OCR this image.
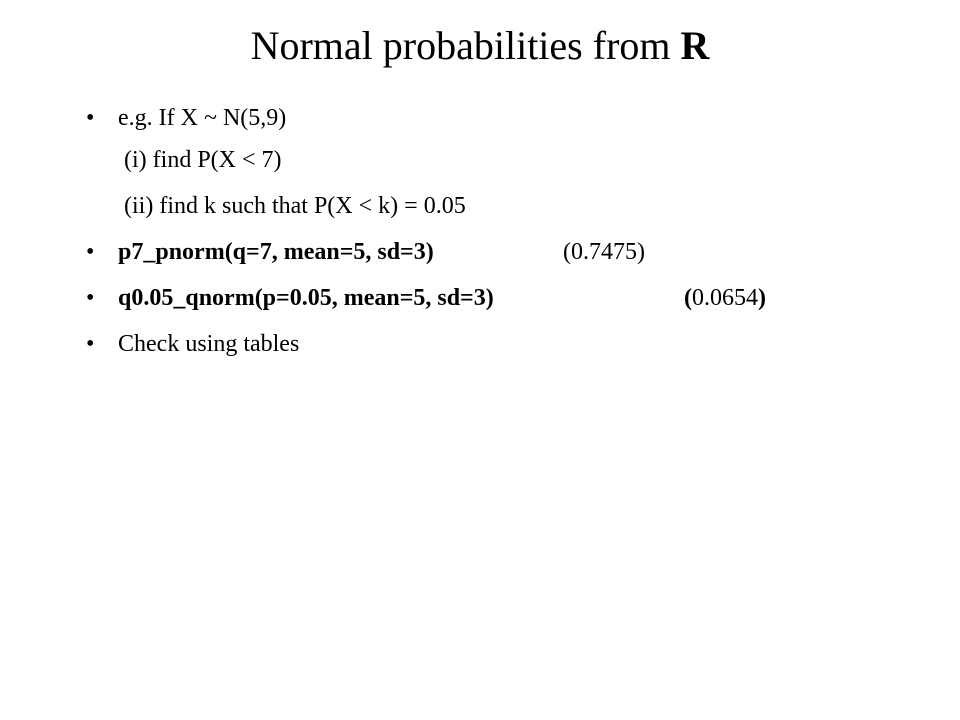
Normal probabilities from R
• e.g. If X ~ N(5,9)
(i) find P(X < 7)
(ii) find k such that P(X < k) = 0.05
• p7_pnorm(q=7, mean=5, sd=3)	(0.7475)
• q0.05_qnorm(p=0.05, mean=5, sd=3)	(0.0654)
• Check using tables
